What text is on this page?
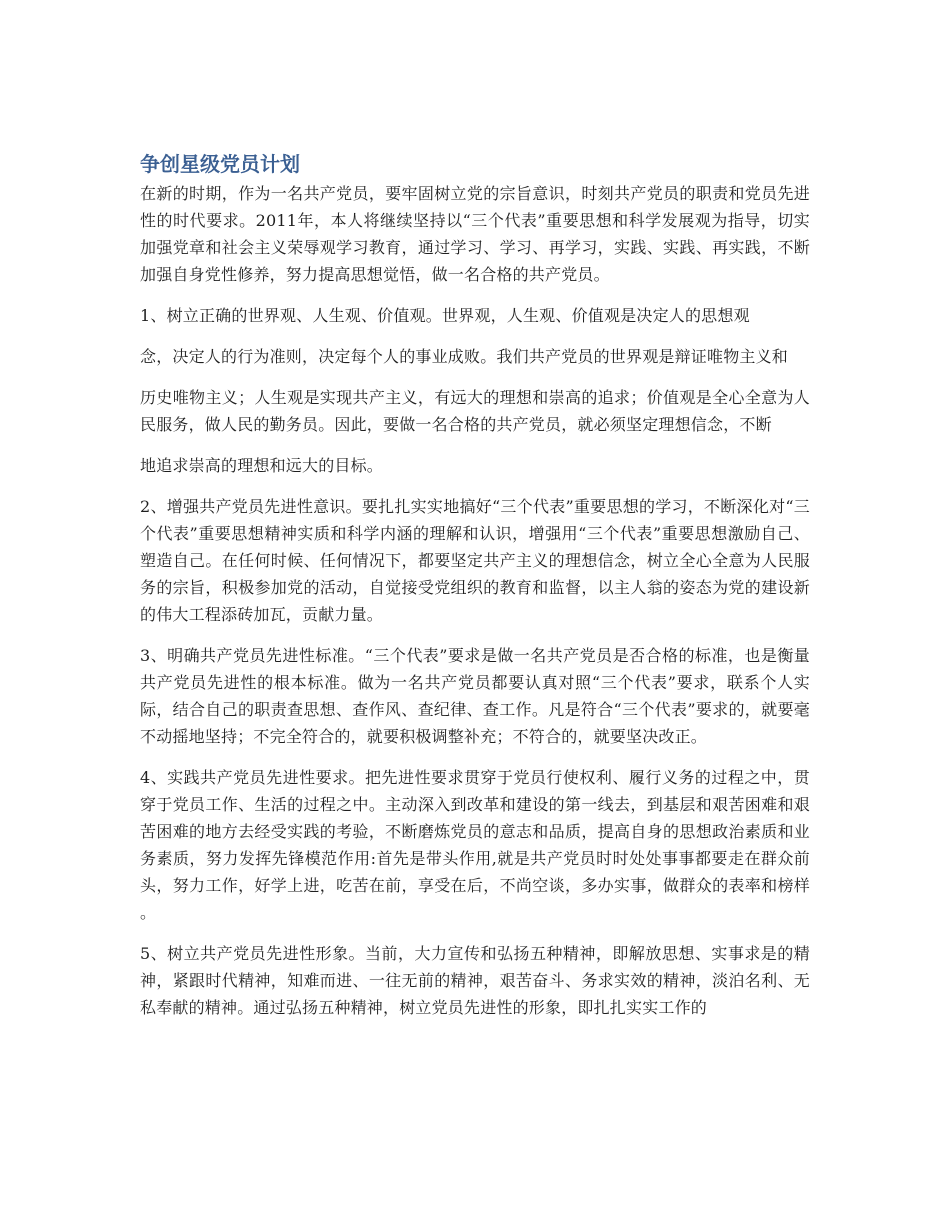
争创星级党员计划

在新的时期，作为一名共产党员，要牢固树立党的宗旨意识，时刻共产党员的职责和党员先进性的时代要求。2011年，本人将继续坚持以“三个代表”重要思想和科学发展观为指导，切实加强党章和社会主义荣辱观学习教育，通过学习、学习、再学习，实践、实践、再实践，不断加强自身党性修养，努力提高思想觉悟，做一名合格的共产党员。

1、树立正确的世界观、人生观、价值观。世界观，人生观、价值观是决定人的思想观

念，决定人的行为准则，决定每个人的事业成败。我们共产党员的世界观是辩证唯物主义和

历史唯物主义；人生观是实现共产主义，有远大的理想和崇高的追求；价值观是全心全意为人民服务，做人民的勤务员。因此，要做一名合格的共产党员，就必须坚定理想信念，不断

地追求崇高的理想和远大的目标。

2、增强共产党员先进性意识。要扎扎实实地搞好“三个代表”重要思想的学习，不断深化对“三个代表”重要思想精神实质和科学内涵的理解和认识，增强用“三个代表”重要思想激励自己、塑造自己。在任何时候、任何情况下，都要坚定共产主义的理想信念，树立全心全意为人民服务的宗旨，积极参加党的活动，自觉接受党组织的教育和监督，以主人翁的姿态为党的建设新的伟大工程添砖加瓦，贡献力量。

3、明确共产党员先进性标准。“三个代表”要求是做一名共产党员是否合格的标准，也是衡量共产党员先进性的根本标准。做为一名共产党员都要认真对照“三个代表”要求，联系个人实际，结合自己的职责查思想、查作风、查纪律、查工作。凡是符合“三个代表”要求的，就要毫不动摇地坚持；不完全符合的，就要积极调整补充；不符合的，就要坚决改正。

4、实践共产党员先进性要求。把先进性要求贯穿于党员行使权利、履行义务的过程之中，贯穿于党员工作、生活的过程之中。主动深入到改革和建设的第一线去，到基层和艰苦困难和艰苦困难的地方去经受实践的考验，不断磨炼党员的意志和品质，提高自身的思想政治素质和业务素质，努力发挥先锋模范作用:首先是带头作用,就是共产党员时时处处事事都要走在群众前头，努力工作，好学上进，吃苦在前，享受在后，不尚空谈，多办实事，做群众的表率和榜样 。

5、树立共产党员先进性形象。当前，大力宣传和弘扬五种精神，即解放思想、实事求是的精神，紧跟时代精神，知难而进、一往无前的精神，艰苦奋斗、务求实效的精神，淡泊名利、无私奉献的精神。通过弘扬五种精神，树立党员先进性的形象，即扎扎实实工作的
